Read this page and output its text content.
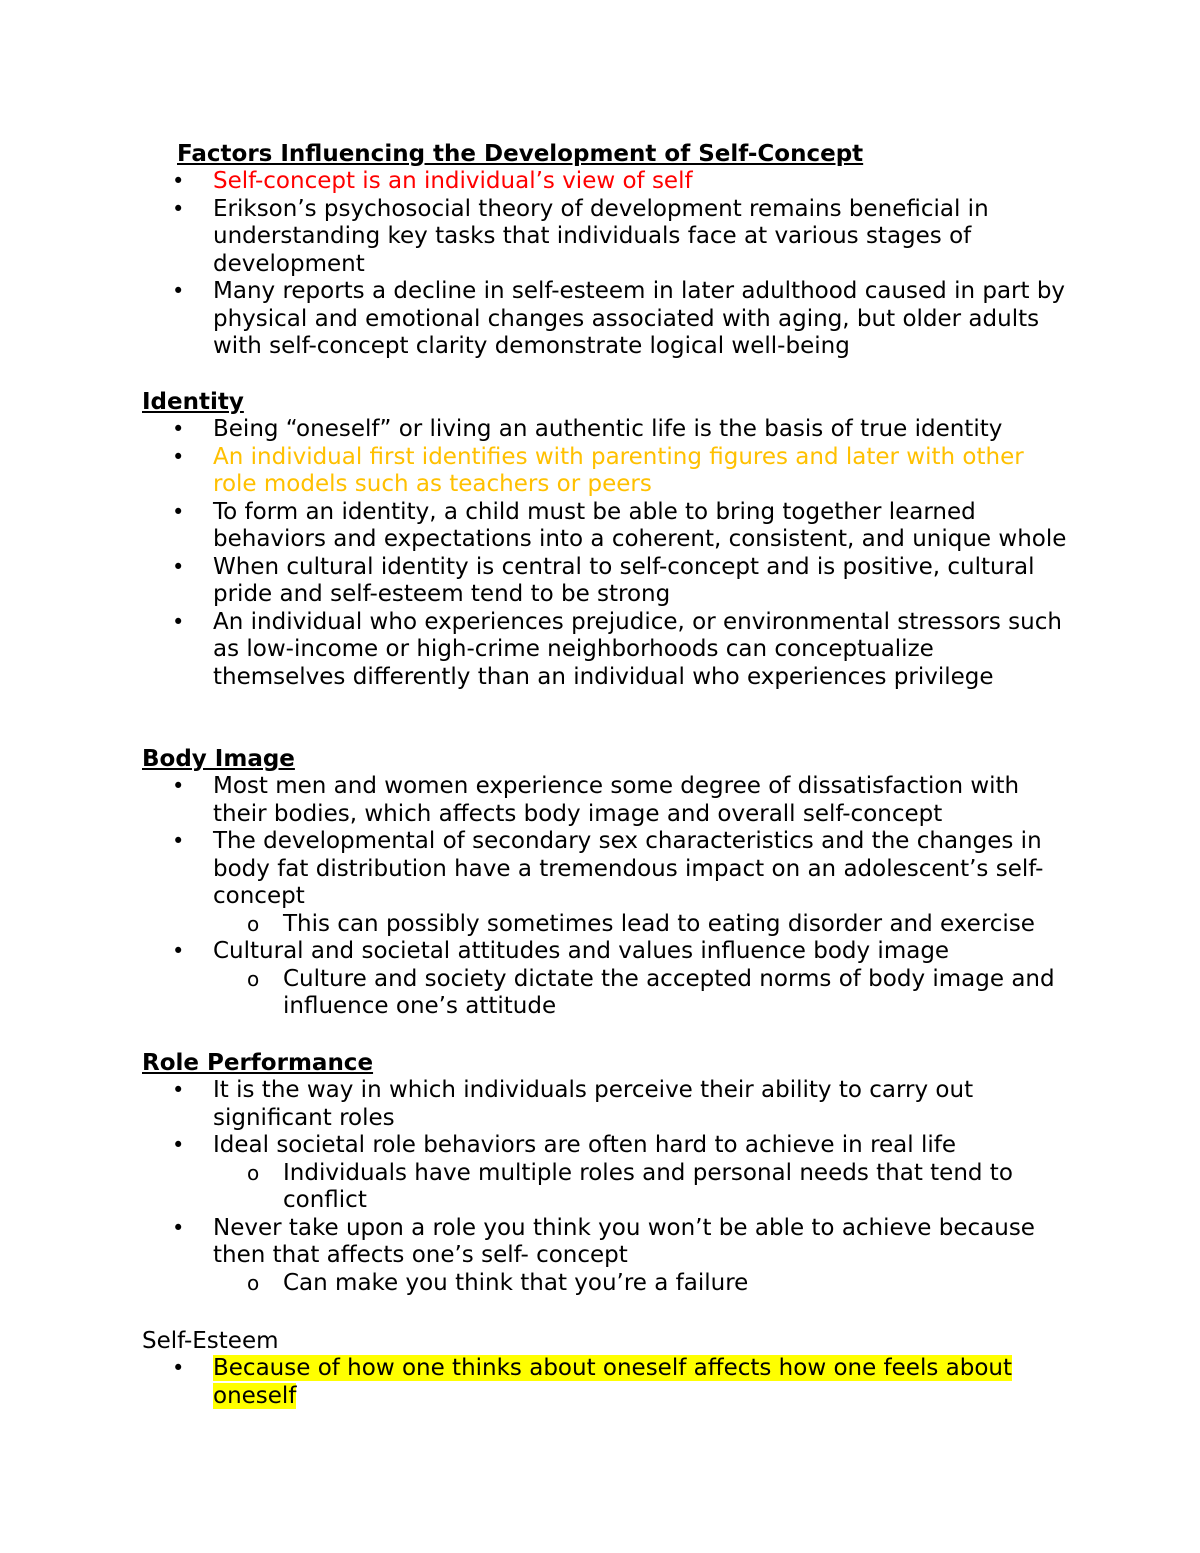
Factors Influencing the Development of Self-Concept
• Self-concept is an individual’s view of self
• Erikson’s psychosocial theory of development remains beneficial in understanding key tasks that individuals face at various stages of development
• Many reports a decline in self-esteem in later adulthood caused in part by physical and emotional changes associated with aging, but older adults with self-concept clarity demonstrate logical well-being
Identity
• Being “oneself” or living an authentic life is the basis of true identity
• An individual first identifies with parenting figures and later with other role models such as teachers or peers
• To form an identity, a child must be able to bring together learned behaviors and expectations into a coherent, consistent, and unique whole
• When cultural identity is central to self-concept and is positive, cultural pride and self-esteem tend to be strong
• An individual who experiences prejudice, or environmental stressors such as low-income or high-crime neighborhoods can conceptualize themselves differently than an individual who experiences privilege
Body Image
• Most men and women experience some degree of dissatisfaction with their bodies, which affects body image and overall self-concept
• The developmental of secondary sex characteristics and the changes in body fat distribution have a tremendous impact on an adolescent’s self-concept
o This can possibly sometimes lead to eating disorder and exercise
• Cultural and societal attitudes and values influence body image
o Culture and society dictate the accepted norms of body image and influence one’s attitude
Role Performance
• It is the way in which individuals perceive their ability to carry out significant roles
• Ideal societal role behaviors are often hard to achieve in real life
o Individuals have multiple roles and personal needs that tend to conflict
• Never take upon a role you think you won’t be able to achieve because then that affects one’s self- concept
o Can make you think that you’re a failure
Self-Esteem
• Because of how one thinks about oneself affects how one feels about oneself
